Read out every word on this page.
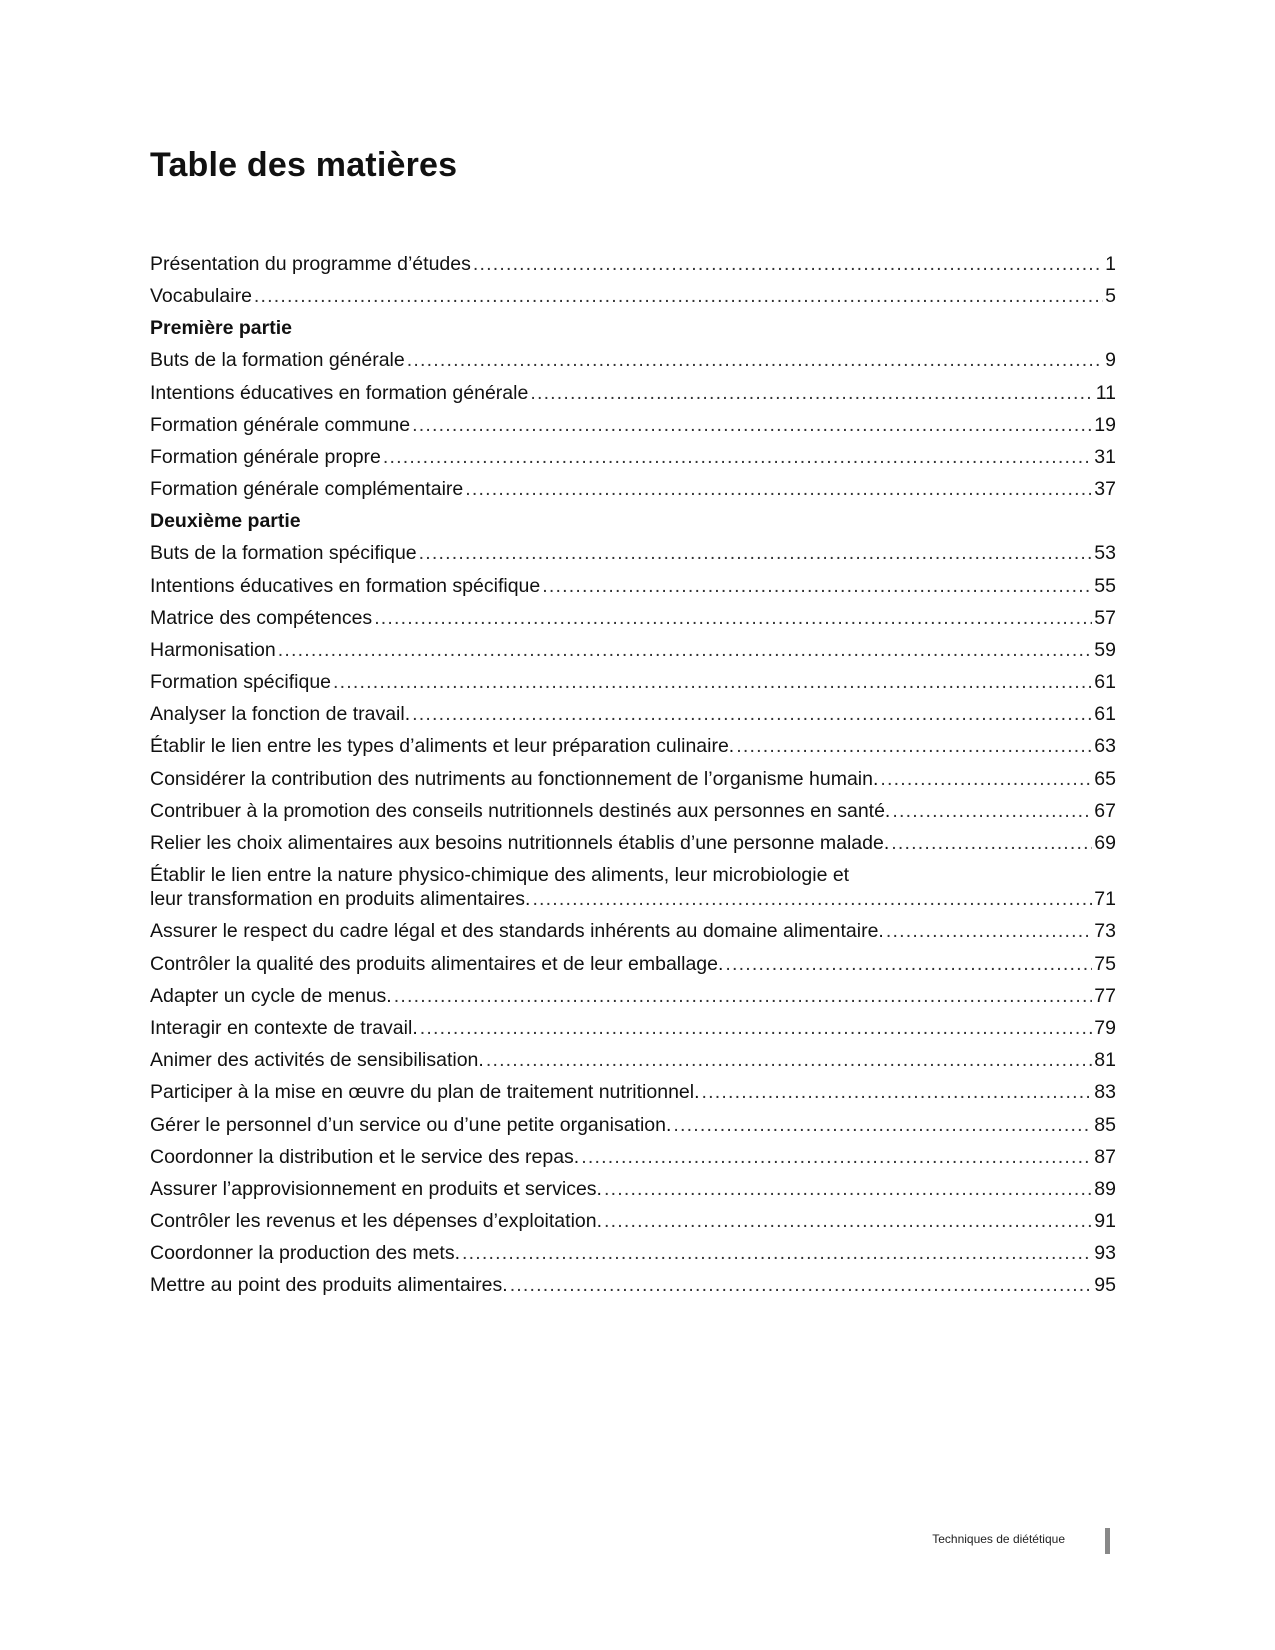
Table des matières
Présentation du programme d’études .....	1
Vocabulaire .....	5
Première partie
Buts de la formation générale .....	9
Intentions éducatives en formation générale .....	11
Formation générale commune .....	19
Formation générale propre .....	31
Formation générale complémentaire .....	37
Deuxième partie
Buts de la formation spécifique .....	53
Intentions éducatives en formation spécifique .....	55
Matrice des compétences .....	57
Harmonisation .....	59
Formation spécifique .....	61
Analyser la fonction de travail. .....	61
Établir le lien entre les types d’aliments et leur préparation culinaire. .....	63
Considérer la contribution des nutriments au fonctionnement de l’organisme humain. .....	65
Contribuer à la promotion des conseils nutritionnels destinés aux personnes en santé. .....	67
Relier les choix alimentaires aux besoins nutritionnels établis d’une personne malade. .....	69
Établir le lien entre la nature physico-chimique des aliments, leur microbiologie et
leur transformation en produits alimentaires. .....	71
Assurer le respect du cadre légal et des standards inhérents au domaine alimentaire. .....	73
Contrôler la qualité des produits alimentaires et de leur emballage. .....	75
Adapter un cycle de menus. .....	77
Interagir en contexte de travail. .....	79
Animer des activités de sensibilisation. .....	81
Participer à la mise en œuvre du plan de traitement nutritionnel. .....	83
Gérer le personnel d’un service ou d’une petite organisation. .....	85
Coordonner la distribution et le service des repas. .....	87
Assurer l’approvisionnement en produits et services. .....	89
Contrôler les revenus et les dépenses d’exploitation. .....	91
Coordonner la production des mets. .....	93
Mettre au point des produits alimentaires. .....	95
Techniques de diététique
